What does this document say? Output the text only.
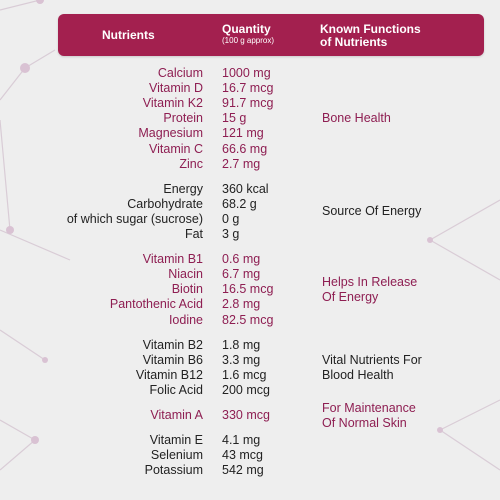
Nutrients	Quantity
(100 g approx)
Known Functions
of Nutrients
Calcium 1000 mg
Vitamin D 16.7 mcg
Vitamin K2 91.7 mcg
Protein 15 g
Magnesium 121 mg
Vitamin C 66.6 mg
Zinc 2.7 mg
Bone Health
Energy 360 kcal
Carbohydrate 68.2 g
of which sugar (sucrose) 0 g
Fat 3 g
Source Of Energy
Vitamin B1 0.6 mg
Niacin 6.7 mg
Biotin 16.5 mcg
Pantothenic Acid 2.8 mg
Iodine 82.5 mcg
Helps In Release
Of Energy
Vitamin B2 1.8 mg
Vitamin B6 3.3 mg
Vitamin B12 1.6 mcg
Folic Acid 200 mcg
Vital Nutrients For
Blood Health
Vitamin A 330 mcg
For Maintenance
Of Normal Skin
Vitamin E 4.1 mg
Selenium 43 mcg
Potassium 542 mg
